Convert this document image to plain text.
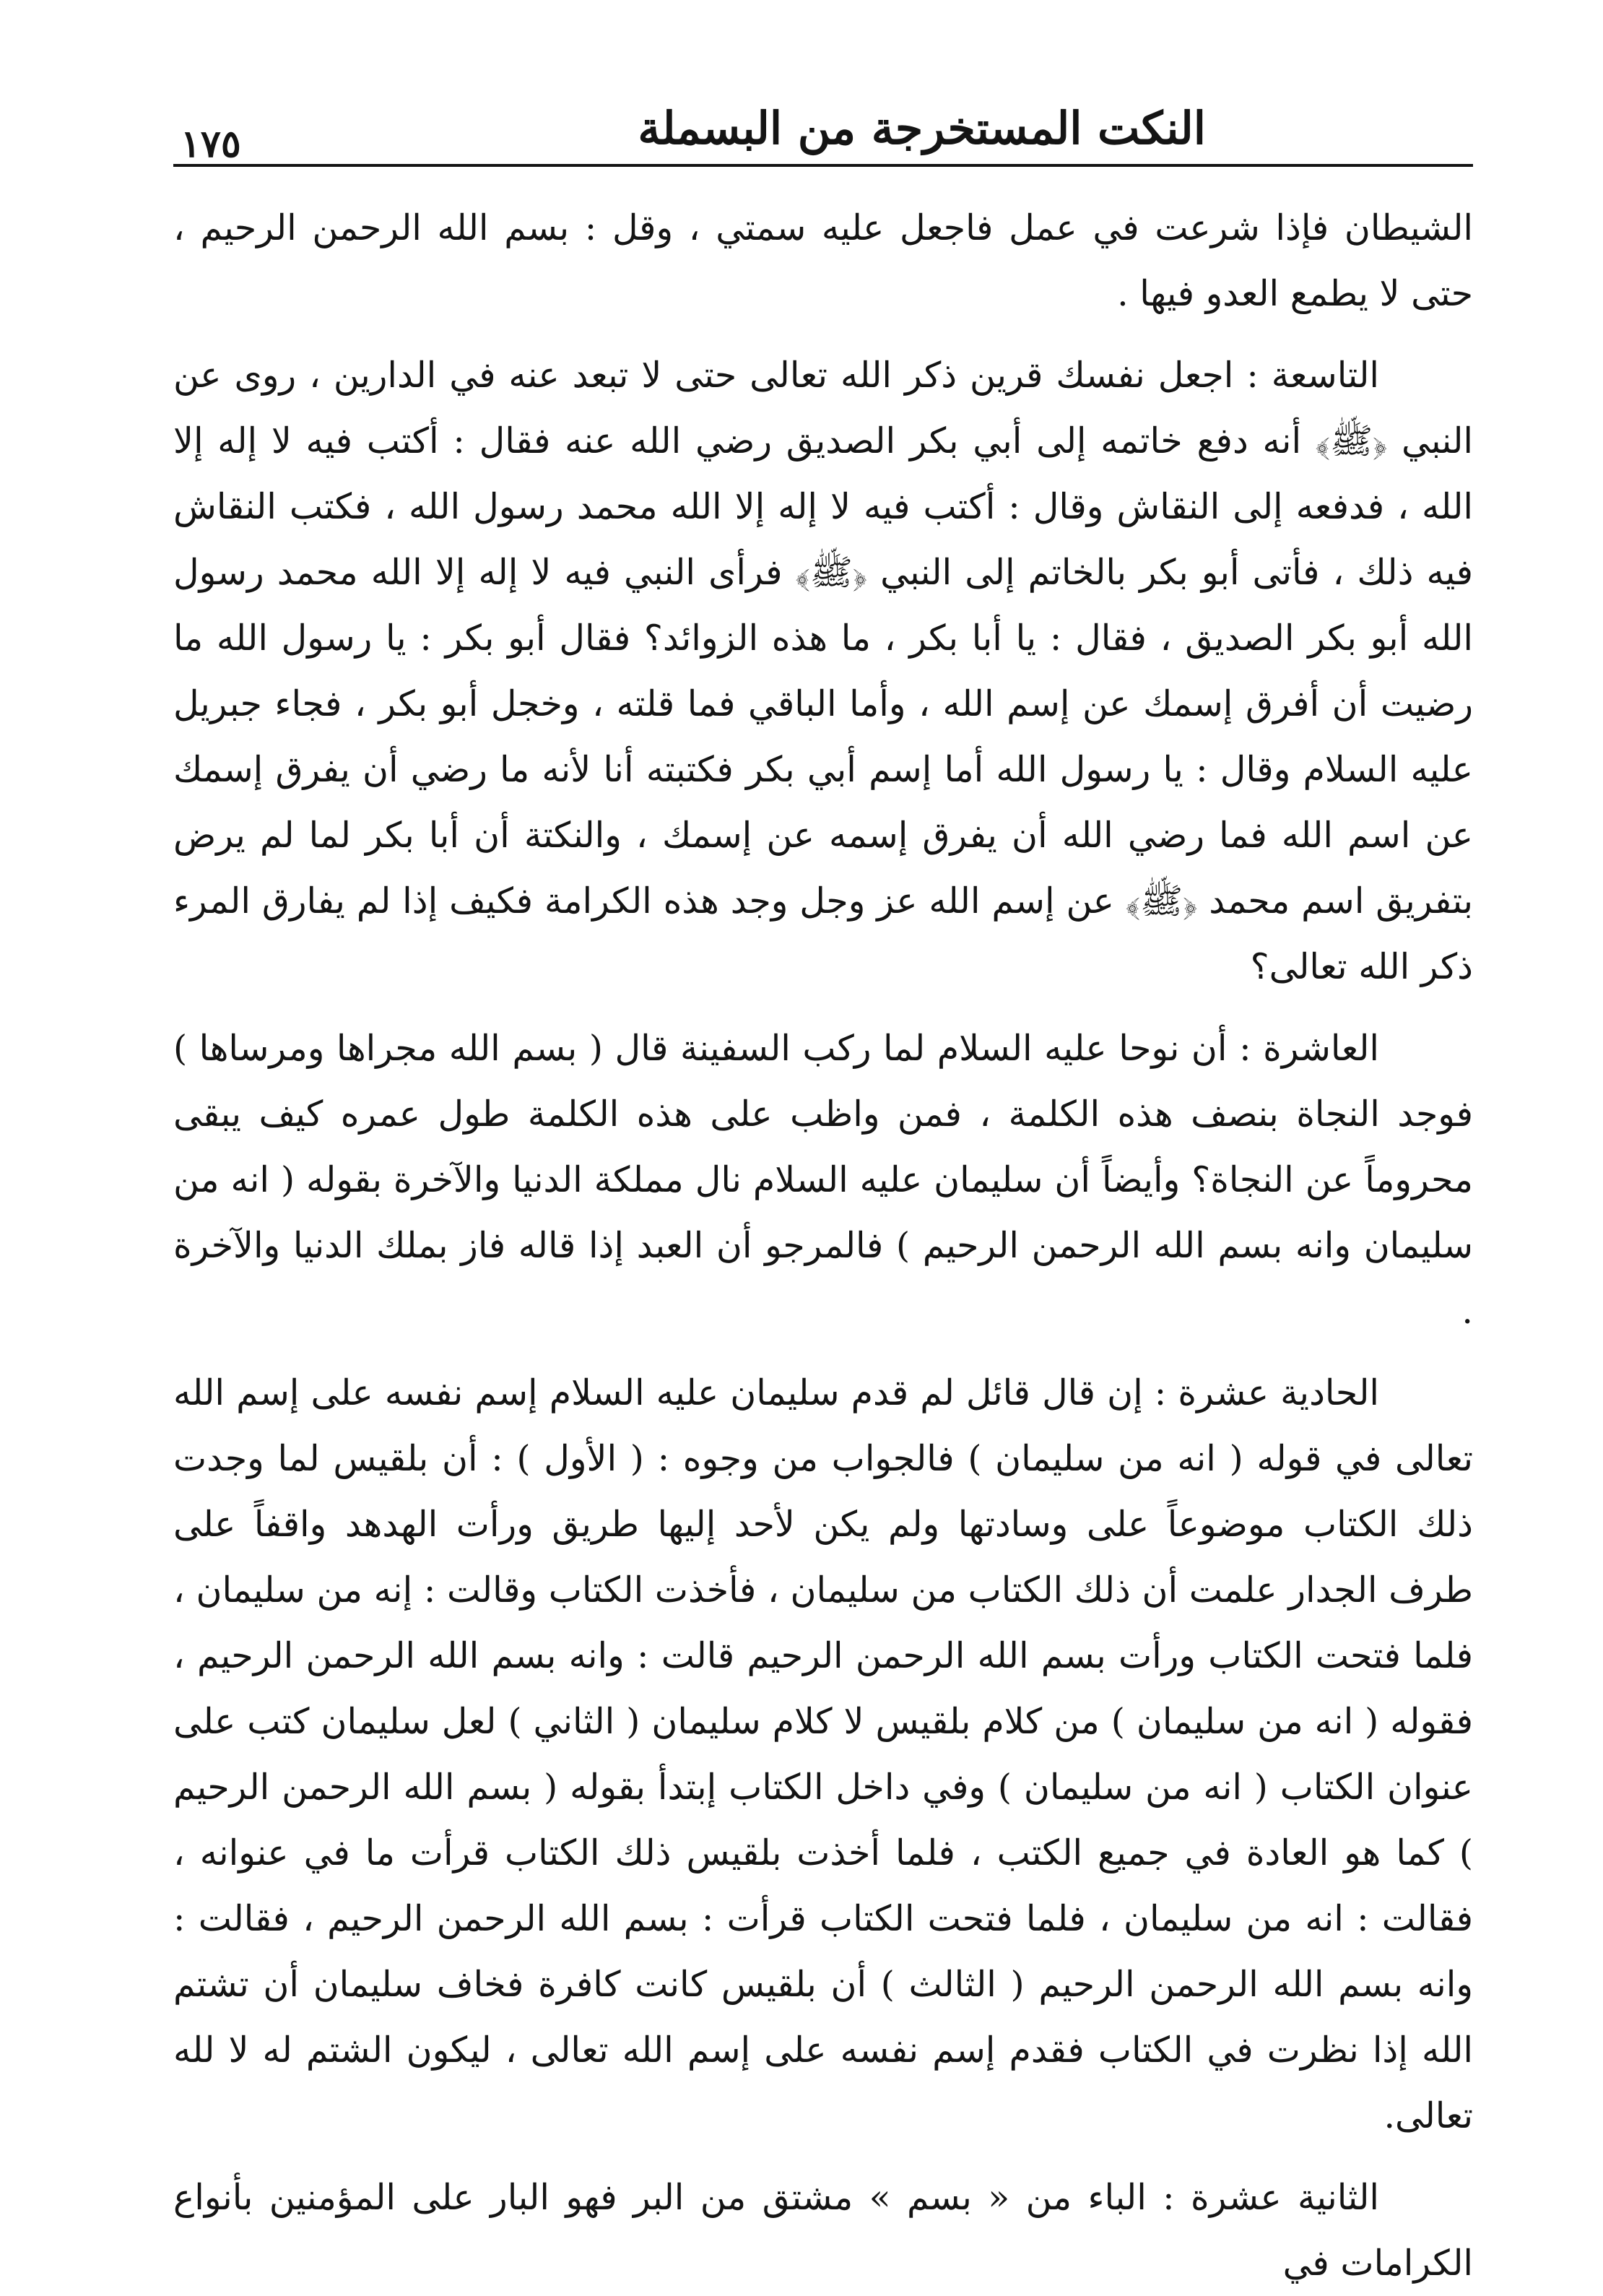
النكت المستخرجة من البسملة
١٧٥

الشيطان فإذا شرعت في عمل فاجعل عليه سمتي ، وقل : بسم الله الرحمن الرحيم ، حتى لا يطمع العدو فيها .

التاسعة : اجعل نفسك قرين ذكر الله تعالى حتى لا تبعد عنه في الدارين ، روى عن النبي ﴿ﷺ﴾ أنه دفع خاتمه إلى أبي بكر الصديق رضي الله عنه فقال : أكتب فيه لا إله إلا الله ، فدفعه إلى النقاش وقال : أكتب فيه لا إله إلا الله محمد رسول الله ، فكتب النقاش فيه ذلك ، فأتى أبو بكر بالخاتم إلى النبي ﴿ﷺ﴾ فرأى النبي فيه لا إله إلا الله محمد رسول الله أبو بكر الصديق ، فقال : يا أبا بكر ، ما هذه الزوائد؟ فقال أبو بكر : يا رسول الله ما رضيت أن أفرق إسمك عن إسم الله ، وأما الباقي فما قلته ، وخجل أبو بكر ، فجاء جبريل عليه السلام وقال : يا رسول الله أما إسم أبي بكر فكتبته أنا لأنه ما رضي أن يفرق إسمك عن اسم الله فما رضي الله أن يفرق إسمه عن إسمك ، والنكتة أن أبا بكر لما لم يرض بتفريق اسم محمد ﴿ﷺ﴾ عن إسم الله عز وجل وجد هذه الكرامة فكيف إذا لم يفارق المرء ذكر الله تعالى؟

العاشرة : أن نوحا عليه السلام لما ركب السفينة قال ( بسم الله مجراها ومرساها ) فوجد النجاة بنصف هذه الكلمة ، فمن واظب على هذه الكلمة طول عمره كيف يبقى محروماً عن النجاة؟ وأيضاً أن سليمان عليه السلام نال مملكة الدنيا والآخرة بقوله ( انه من سليمان وانه بسم الله الرحمن الرحيم ) فالمرجو أن العبد إذا قاله فاز بملك الدنيا والآخرة .

الحادية عشرة : إن قال قائل لم قدم سليمان عليه السلام إسم نفسه على إسم الله تعالى في قوله ( انه من سليمان ) فالجواب من وجوه : ( الأول ) : أن بلقيس لما وجدت ذلك الكتاب موضوعاً على وسادتها ولم يكن لأحد إليها طريق ورأت الهدهد واقفاً على طرف الجدار علمت أن ذلك الكتاب من سليمان ، فأخذت الكتاب وقالت : إنه من سليمان ، فلما فتحت الكتاب ورأت بسم الله الرحمن الرحيم قالت : وانه بسم الله الرحمن الرحيم ، فقوله ( انه من سليمان ) من كلام بلقيس لا كلام سليمان ( الثاني ) لعل سليمان كتب على عنوان الكتاب ( انه من سليمان ) وفي داخل الكتاب إبتدأ بقوله ( بسم الله الرحمن الرحيم ) كما هو العادة في جميع الكتب ، فلما أخذت بلقيس ذلك الكتاب قرأت ما في عنوانه ، فقالت : انه من سليمان ، فلما فتحت الكتاب قرأت : بسم الله الرحمن الرحيم ، فقالت : وانه بسم الله الرحمن الرحيم ( الثالث ) أن بلقيس كانت كافرة فخاف سليمان أن تشتم الله إذا نظرت في الكتاب فقدم إسم نفسه على إسم الله تعالى ، ليكون الشتم له لا لله تعالى.

الثانية عشرة : الباء من « بسم » مشتق من البر فهو البار على المؤمنين بأنواع الكرامات في
